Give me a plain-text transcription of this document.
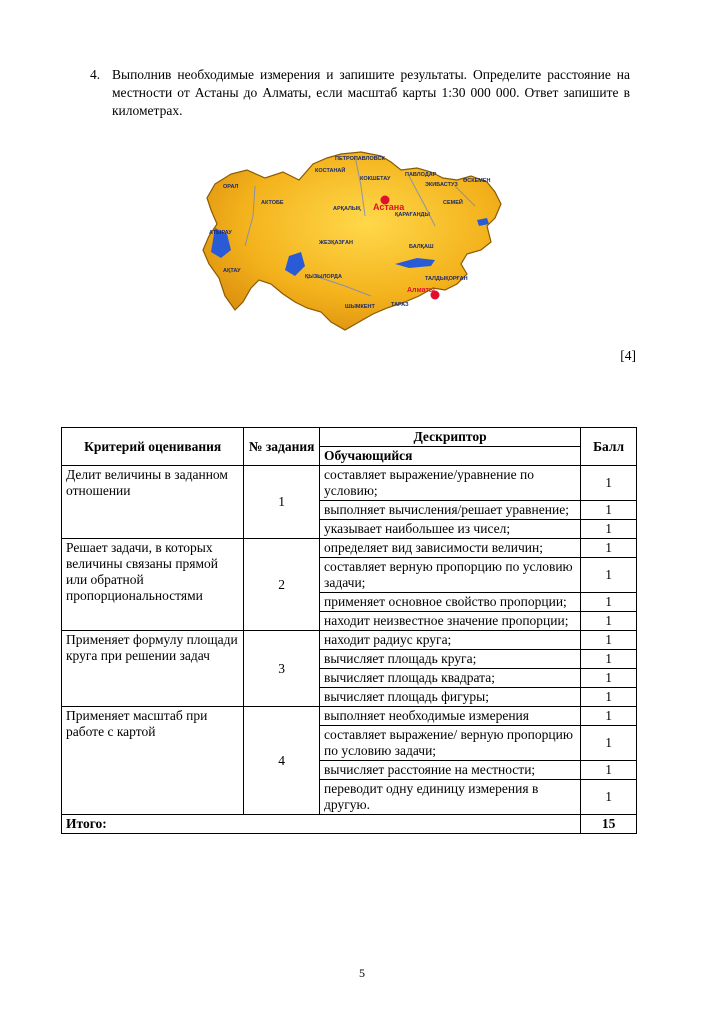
4. Выполнив необходимые измерения и запишите результаты. Определите расстояние на местности от Астаны до Алматы, если масштаб карты 1:30 000 000. Ответ запишите в километрах.
ПЕТРОПАВЛОВСК
КОСТАНАЙ
КОКШЕТАУ
ПАВЛОДАР
ОРАЛ
АКТОБЕ
ЭКИБАСТУЗ
ӨСКЕМЕН
СЕМЕЙ
АРҚАЛЫҚ
ҚАРАҒАНДЫ
АТЫРАУ
ЖЕЗҚАЗҒАН
БАЛҚАШ
АҚТАУ
ҚЫЗЫЛОРДА	ТАЛДЫҚОРҒАН
ТАРАЗ
ШЫМКЕНТ
Астана
Алматы
[4]
Критерий оценивания	№ задания	Дескриптор	Балл
		Обучающийся	
Делит величины в заданном отношении	1	составляет выражение/уравнение по условию;	1
		выполняет вычисления/решает уравнение;	1
		указывает наибольшее из чисел;	1
Решает задачи, в которых величины связаны прямой или обратной пропорциональностями	2	определяет вид зависимости величин;	1
		составляет верную пропорцию по условию задачи;	1
		применяет основное свойство пропорции;	1
		находит неизвестное значение пропорции;	1
Применяет формулу площади круга при решении задач	3	находит радиус круга;	1
		вычисляет площадь круга;	1
		вычисляет площадь квадрата;	1
		вычисляет площадь фигуры;	1
Применяет масштаб при работе с картой	4	выполняет необходимые измерения	1
		составляет выражение/ верную пропорцию по условию задачи;	1
		вычисляет расстояние на местности;	1
		переводит одну единицу измерения в другую.	1
Итого:			15
5
